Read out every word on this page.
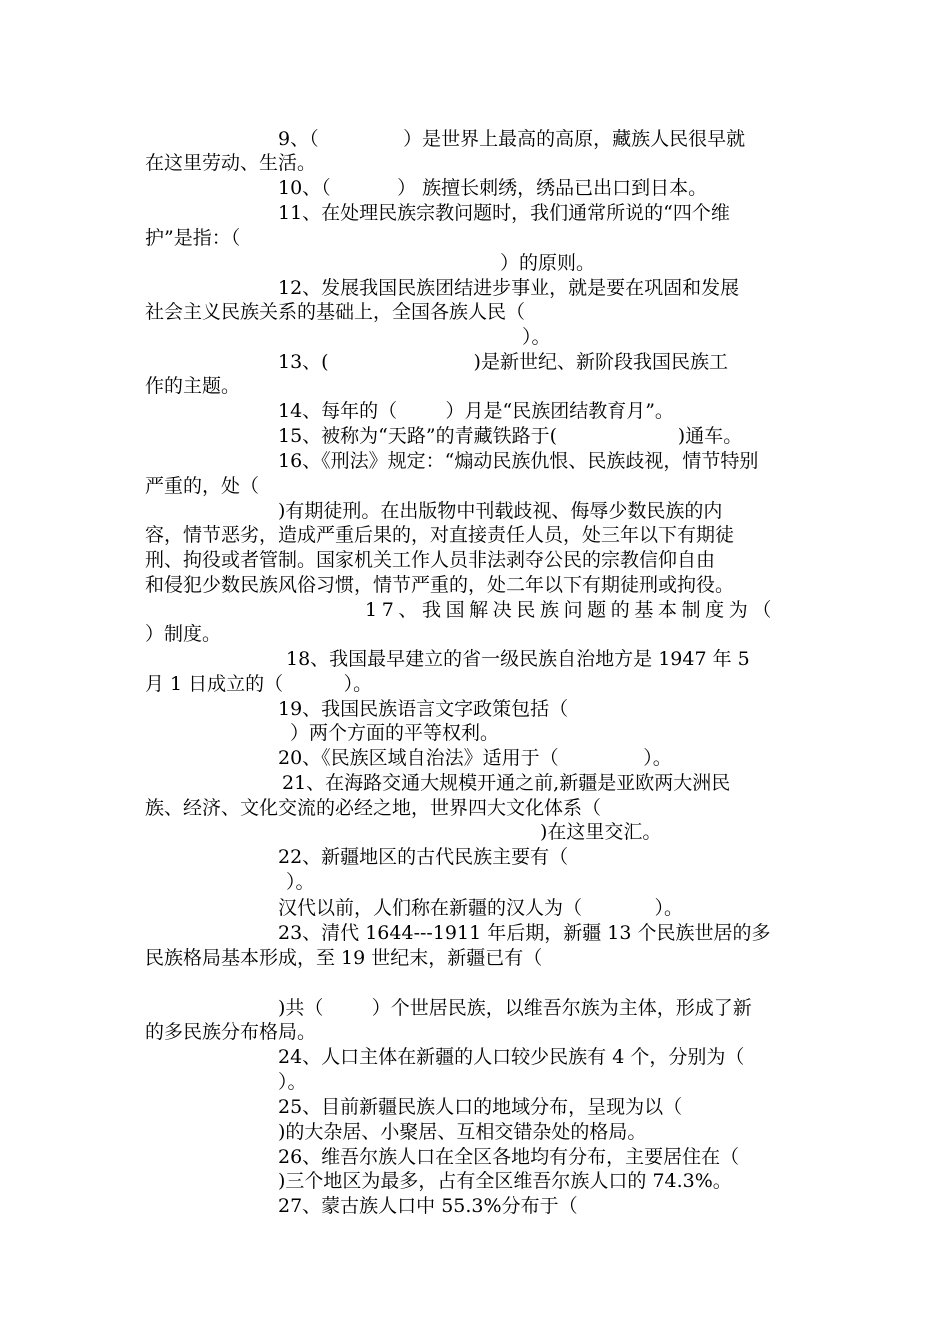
9、（              ）是世界上最高的高原，藏族人民很早就

在这里劳动、生活。

10、（           ） 族擅长刺绣，绣品已出口到日本。

11、在处理民族宗教问题时，我们通常所说的“四个维

护”是指：（

）的原则。

12、发展我国民族团结进步事业，就是要在巩固和发展

社会主义民族关系的基础上，全国各族人民（

）。

13、(                        )是新世纪、新阶段我国民族工

作的主题。

14、每年的（        ）月是“民族团结教育月”。

15、被称为“天路”的青藏铁路于(                    )通车。

16、《刑法》规定：“煽动民族仇恨、民族歧视，情节特别

严重的，处（

)有期徒刑。在出版物中刊载歧视、侮辱少数民族的内

容，情节恶劣，造成严重后果的，对直接责任人员，处三年以下有期徒

刑、拘役或者管制。国家机关工作人员非法剥夺公民的宗教信仰自由

和侵犯少数民族风俗习惯，情节严重的，处二年以下有期徒刑或拘役。

17、我国解决民族问题的基本制度为（

）制度。

18、我国最早建立的省一级民族自治地方是 1947 年 5

月 1 日成立的（          ）。

19、我国民族语言文字政策包括（

）两个方面的平等权利。

20、《民族区域自治法》适用于（              ）。

21、在海路交通大规模开通之前,新疆是亚欧两大洲民

族、经济、文化交流的必经之地，世界四大文化体系（

)在这里交汇。

22、新疆地区的古代民族主要有（

）。

汉代以前，人们称在新疆的汉人为（            ）。

23、清代 1644---1911 年后期，新疆 13 个民族世居的多

民族格局基本形成，至 19 世纪末，新疆已有（

)共（        ）个世居民族，以维吾尔族为主体，形成了新

的多民族分布格局。

24、人口主体在新疆的人口较少民族有 4 个，分别为（

）。

25、目前新疆民族人口的地域分布，呈现为以（

)的大杂居、小聚居、互相交错杂处的格局。

26、维吾尔族人口在全区各地均有分布，主要居住在（

)三个地区为最多，占有全区维吾尔族人口的 74.3%。

27、蒙古族人口中 55.3%分布于（
